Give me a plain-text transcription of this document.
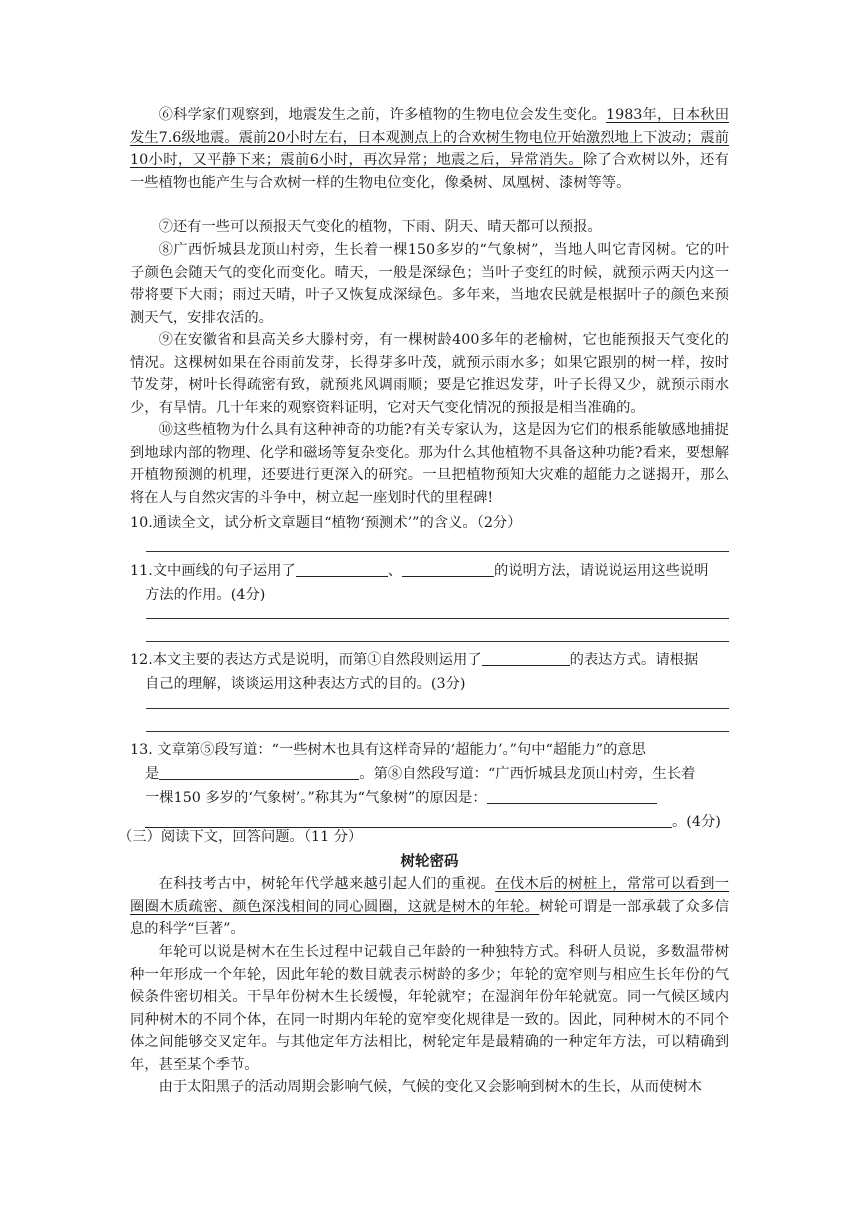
⑥科学家们观察到，地震发生之前，许多植物的生物电位会发生变化。1983年，日本秋田发生7.6级地震。震前20小时左右，日本观测点上的合欢树生物电位开始激烈地上下波动；震前10小时，又平静下来；震前6小时，再次异常；地震之后，异常消失。除了合欢树以外，还有一些植物也能产生与合欢树一样的生物电位变化，像桑树、凤凰树、漆树等等。

⑦还有一些可以预报天气变化的植物，下雨、阴天、晴天都可以预报。

⑧广西忻城县龙顶山村旁，生长着一棵150多岁的“气象树”，当地人叫它青冈树。它的叶子颜色会随天气的变化而变化。晴天，一般是深绿色；当叶子变红的时候，就预示两天内这一带将要下大雨；雨过天晴，叶子又恢复成深绿色。多年来，当地农民就是根据叶子的颜色来预测天气，安排农活的。

⑨在安徽省和县高关乡大滕村旁，有一棵树龄400多年的老榆树，它也能预报天气变化的情况。这棵树如果在谷雨前发芽，长得芽多叶茂，就预示雨水多；如果它跟别的树一样，按时节发芽，树叶长得疏密有致，就预兆风调雨顺；要是它推迟发芽，叶子长得又少，就预示雨水少，有旱情。几十年来的观察资料证明，它对天气变化情况的预报是相当准确的。

⑩这些植物为什么具有这种神奇的功能?有关专家认为，这是因为它们的根系能敏感地捕捉到地球内部的物理、化学和磁场等复杂变化。那为什么其他植物不具备这种功能?看来，要想解开植物预测的机理，还要进行更深入的研究。一旦把植物预知大灾难的超能力之谜揭开，那么将在人与自然灾害的斗争中，树立起一座划时代的里程碑!

10.通读全文，试分析文章题目“植物‘预测术’”的含义。（2分）

11.文中画线的句子运用了	、	的说明方法，请说说运用这些说明
方法的作用。(4分)

12.本文主要的表达方式是说明，而第①自然段则运用了	的表达方式。请根据
自己的理解，谈谈运用这种表达方式的目的。(3分)

13. 文章第⑤段写道：“一些树木也具有这样奇异的‘超能力’。”句中“超能力”的意思
是	。第⑧自然段写道：“广西忻城县龙顶山村旁，生长着
一棵150 多岁的‘气象树’。”称其为“气象树”的原因是：
。(4分)

（三）阅读下文，回答问题。（11 分）

树轮密码

在科技考古中，树轮年代学越来越引起人们的重视。在伐木后的树桩上，常常可以看到一圈圈木质疏密、颜色深浅相间的同心圆圈，这就是树木的年轮。树轮可谓是一部承载了众多信息的科学“巨著”。

年轮可以说是树木在生长过程中记载自己年龄的一种独特方式。科研人员说，多数温带树种一年形成一个年轮，因此年轮的数目就表示树龄的多少；年轮的宽窄则与相应生长年份的气候条件密切相关。干旱年份树木生长缓慢，年轮就窄；在湿润年份年轮就宽。同一气候区域内同种树木的不同个体，在同一时期内年轮的宽窄变化规律是一致的。因此，同种树木的不同个体之间能够交叉定年。与其他定年方法相比，树轮定年是最精确的一种定年方法，可以精确到年，甚至某个季节。

由于太阳黑子的活动周期会影响气候，气候的变化又会影响到树木的生长，从而使树木
